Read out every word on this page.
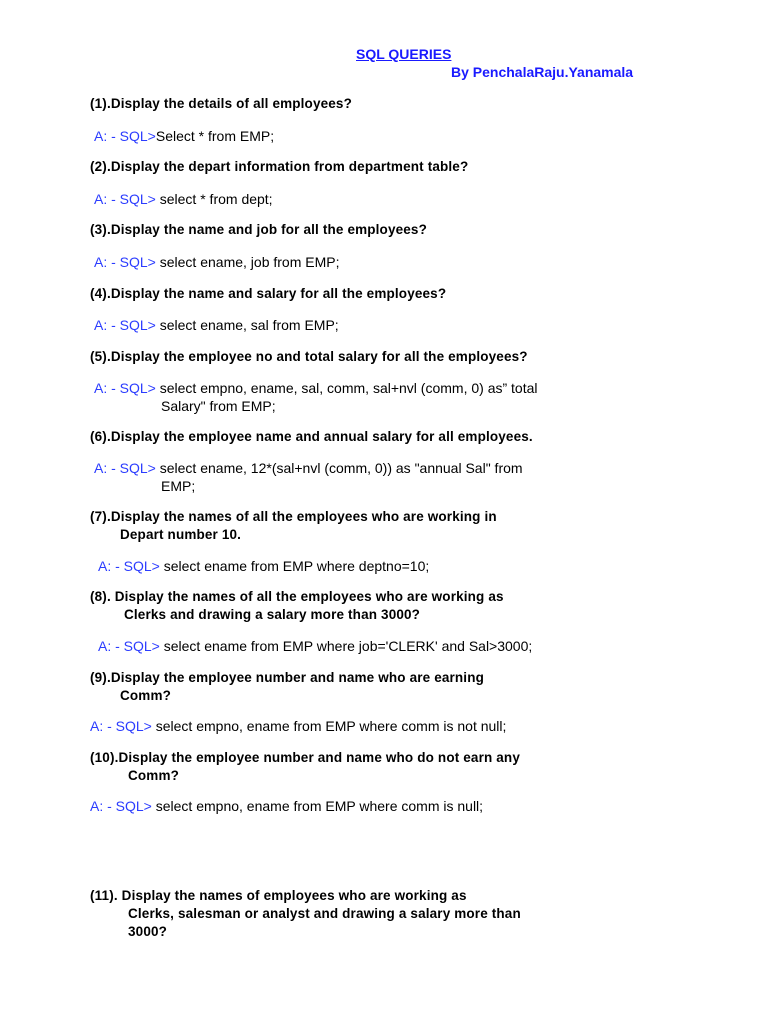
SQL QUERIES
By PenchalaRaju.Yanamala
(1).Display the details of all employees?
A: - SQL>Select * from EMP;
(2).Display the depart information from department table?
A: - SQL> select * from dept;
(3).Display the name and job for all the employees?
A: - SQL> select ename, job from EMP;
(4).Display the name and salary for all the employees?
A: - SQL> select ename, sal from EMP;
(5).Display the employee no and total salary for all the employees?
A: - SQL> select empno, ename, sal, comm, sal+nvl (comm, 0) as” total
Salary" from EMP;
(6).Display the employee name and annual salary for all employees.
A: - SQL> select ename, 12*(sal+nvl (comm, 0)) as "annual Sal" from
EMP;
(7).Display the names of all the employees who are working in
Depart number 10.
A: - SQL> select ename from EMP where deptno=10;
(8). Display the names of all the employees who are working as
Clerks and drawing a salary more than 3000?
A: - SQL> select ename from EMP where job='CLERK' and Sal>3000;
(9).Display the employee number and name who are earning
Comm?
A: - SQL> select empno, ename from EMP where comm is not null;
(10).Display the employee number and name who do not earn any
Comm?
A: - SQL> select empno, ename from EMP where comm is null;
(11). Display the names of employees who are working as
Clerks, salesman or analyst and drawing a salary more than
3000?
